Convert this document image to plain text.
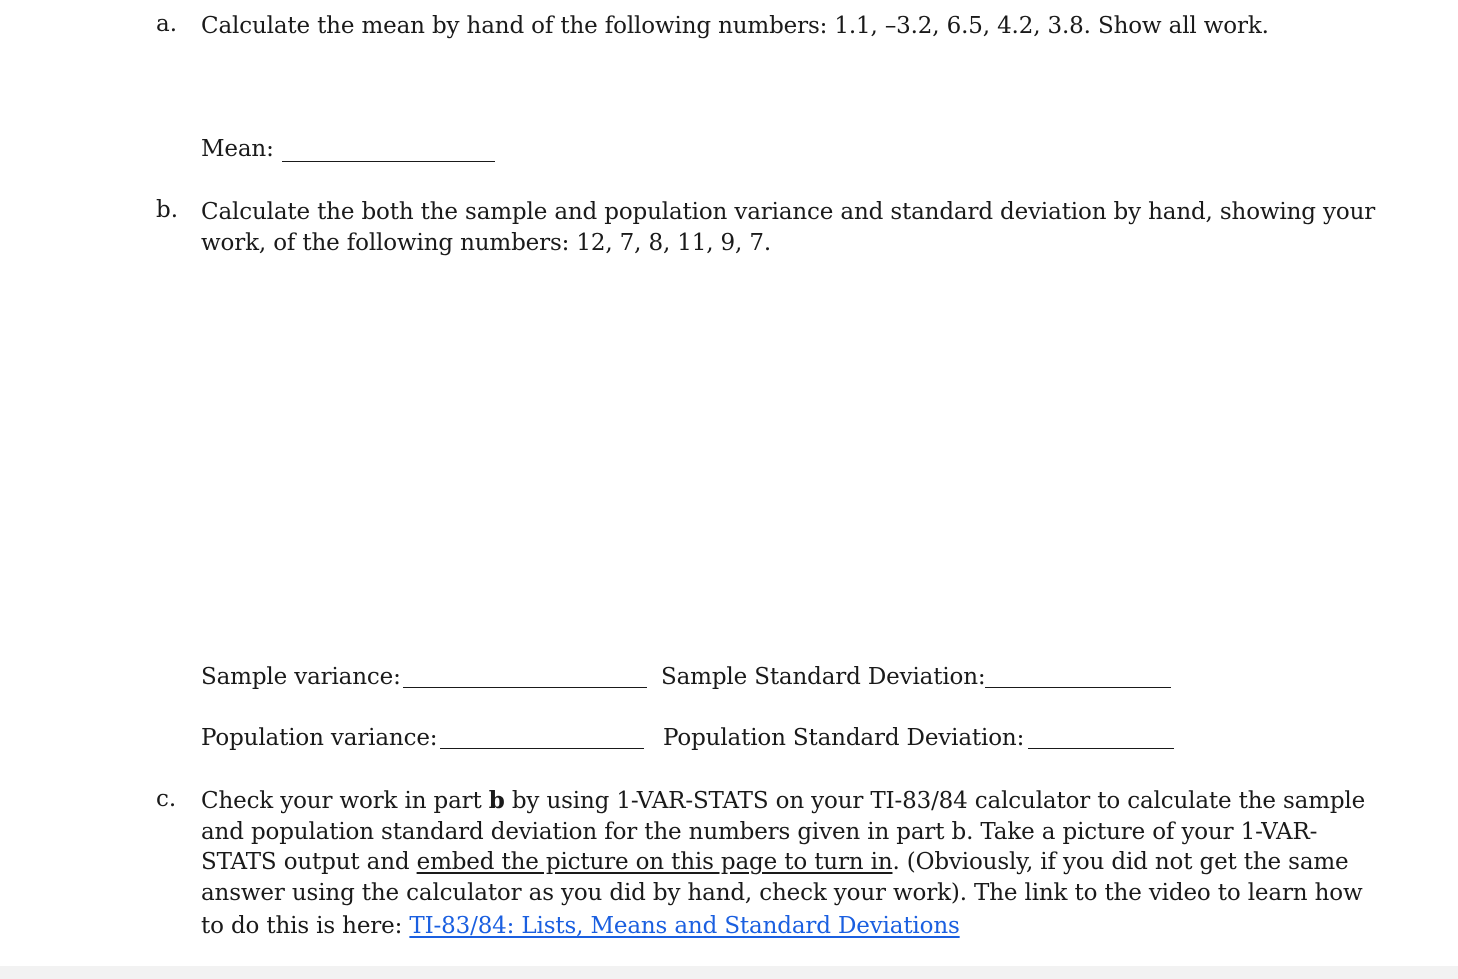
a. Calculate the mean by hand of the following numbers: 1.1, –3.2, 6.5, 4.2, 3.8. Show all work.
Mean:
b. Calculate the both the sample and population variance and standard deviation by hand, showing your
work, of the following numbers: 12, 7, 8, 11, 9, 7.
Sample variance:	Sample Standard Deviation:
Population variance:	Population Standard Deviation:
c. Check your work in part b by using 1-VAR-STATS on your TI-83/84 calculator to calculate the sample
and population standard deviation for the numbers given in part b. Take a picture of your 1-VAR-
STATS output and embed the picture on this page to turn in. (Obviously, if you did not get the same
answer using the calculator as you did by hand, check your work). The link to the video to learn how
to do this is here: TI-83/84: Lists, Means and Standard Deviations
